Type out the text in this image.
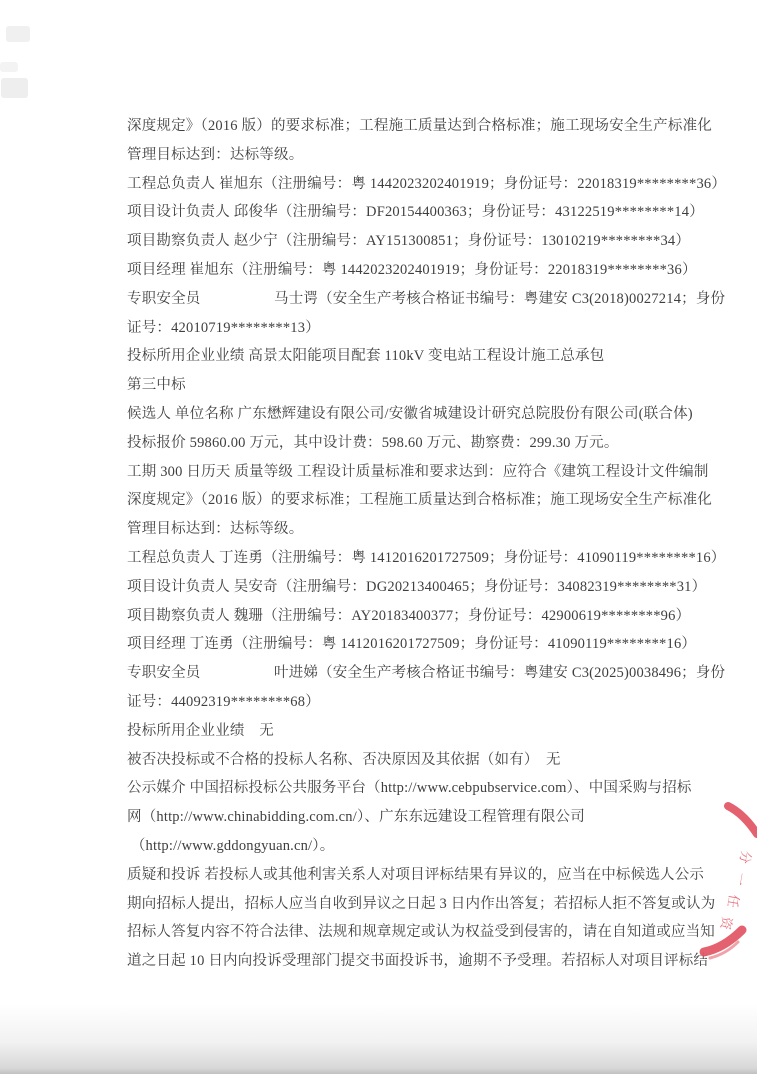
深度规定》（2016 版）的要求标准；工程施工质量达到合格标准；施工现场安全生产标准化
管理目标达到：达标等级。
工程总负责人 崔旭东（注册编号：粤 1442023202401919；身份证号：22018319********36）
项目设计负责人 邱俊华（注册编号：DF20154400363；身份证号：43122519********14）
项目勘察负责人 赵少宁（注册编号：AY151300851；身份证号：13010219********34）
项目经理 崔旭东（注册编号：粤 1442023202401919；身份证号：22018319********36）
专职安全员　　　　　马士谔（安全生产考核合格证书编号：粤建安 C3(2018)0027214；身份
证号：42010719********13）
投标所用企业业绩 高景太阳能项目配套 110kV 变电站工程设计施工总承包
第三中标
候选人 单位名称 广东懋辉建设有限公司/安徽省城建设计研究总院股份有限公司(联合体)
投标报价 59860.00 万元，其中设计费：598.60 万元、勘察费：299.30 万元。
工期 300 日历天 质量等级 工程设计质量标准和要求达到：应符合《建筑工程设计文件编制
深度规定》（2016 版）的要求标准；工程施工质量达到合格标准；施工现场安全生产标准化
管理目标达到：达标等级。
工程总负责人 丁连勇（注册编号：粤 1412016201727509；身份证号：41090119********16）
项目设计负责人 吴安奇（注册编号：DG20213400465；身份证号：34082319********31）
项目勘察负责人 魏珊（注册编号：AY20183400377；身份证号：42900619********96）
项目经理 丁连勇（注册编号：粤 1412016201727509；身份证号：41090119********16）
专职安全员　　　　　叶进娣（安全生产考核合格证书编号：粤建安 C3(2025)0038496；身份
证号：44092319********68）
投标所用企业业绩　无
被否决投标或不合格的投标人名称、否决原因及其依据（如有）　无
公示媒介 中国招标投标公共服务平台（http://www.cebpubservice.com）、中国采购与招标
网（http://www.chinabidding.com.cn/）、广东东远建设工程管理有限公司
（http://www.gddongyuan.cn/）。
质疑和投诉 若投标人或其他利害关系人对项目评标结果有异议的，应当在中标候选人公示
期向招标人提出，招标人应当自收到异议之日起 3 日内作出答复；若招标人拒不答复或认为
招标人答复内容不符合法律、法规和规章规定或认为权益受到侵害的，请在自知道或应当知
道之日起 10 日内向投诉受理部门提交书面投诉书，逾期不予受理。若招标人对项目评标结
分
一
任
资
